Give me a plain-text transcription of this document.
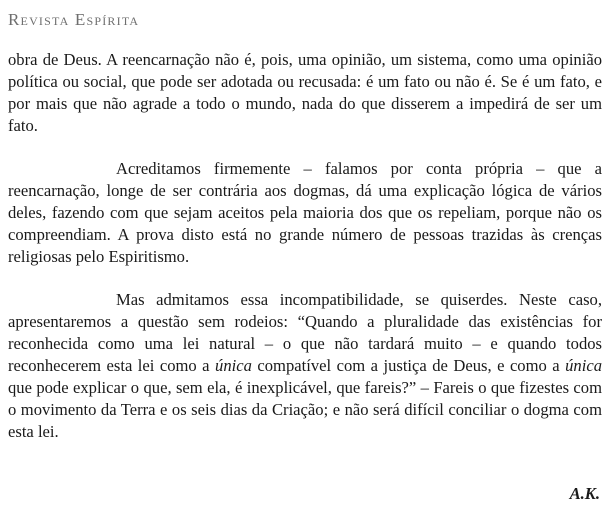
Revista Espírita

obra de Deus. A reencarnação não é, pois, uma opinião, um sistema, como uma opinião política ou social, que pode ser adotada ou recusada: é um fato ou não é. Se é um fato, e por mais que não agrade a todo o mundo, nada do que disserem a impedirá de ser um fato.

Acreditamos firmemente – falamos por conta própria – que a reencarnação, longe de ser contrária aos dogmas, dá uma explicação lógica de vários deles, fazendo com que sejam aceitos pela maioria dos que os repeliam, porque não os compreendiam. A prova disto está no grande número de pessoas trazidas às crenças religiosas pelo Espiritismo.

Mas admitamos essa incompatibilidade, se quiserdes. Neste caso, apresentaremos a questão sem rodeios: “Quando a pluralidade das existências for reconhecida como uma lei natural – o que não tardará muito – e quando todos reconhecerem esta lei como a única compatível com a justiça de Deus, e como a única que pode explicar o que, sem ela, é inexplicável, que fareis?” – Fareis o que fizestes com o movimento da Terra e os seis dias da Criação; e não será difícil conciliar o dogma com esta lei.

A.K.
